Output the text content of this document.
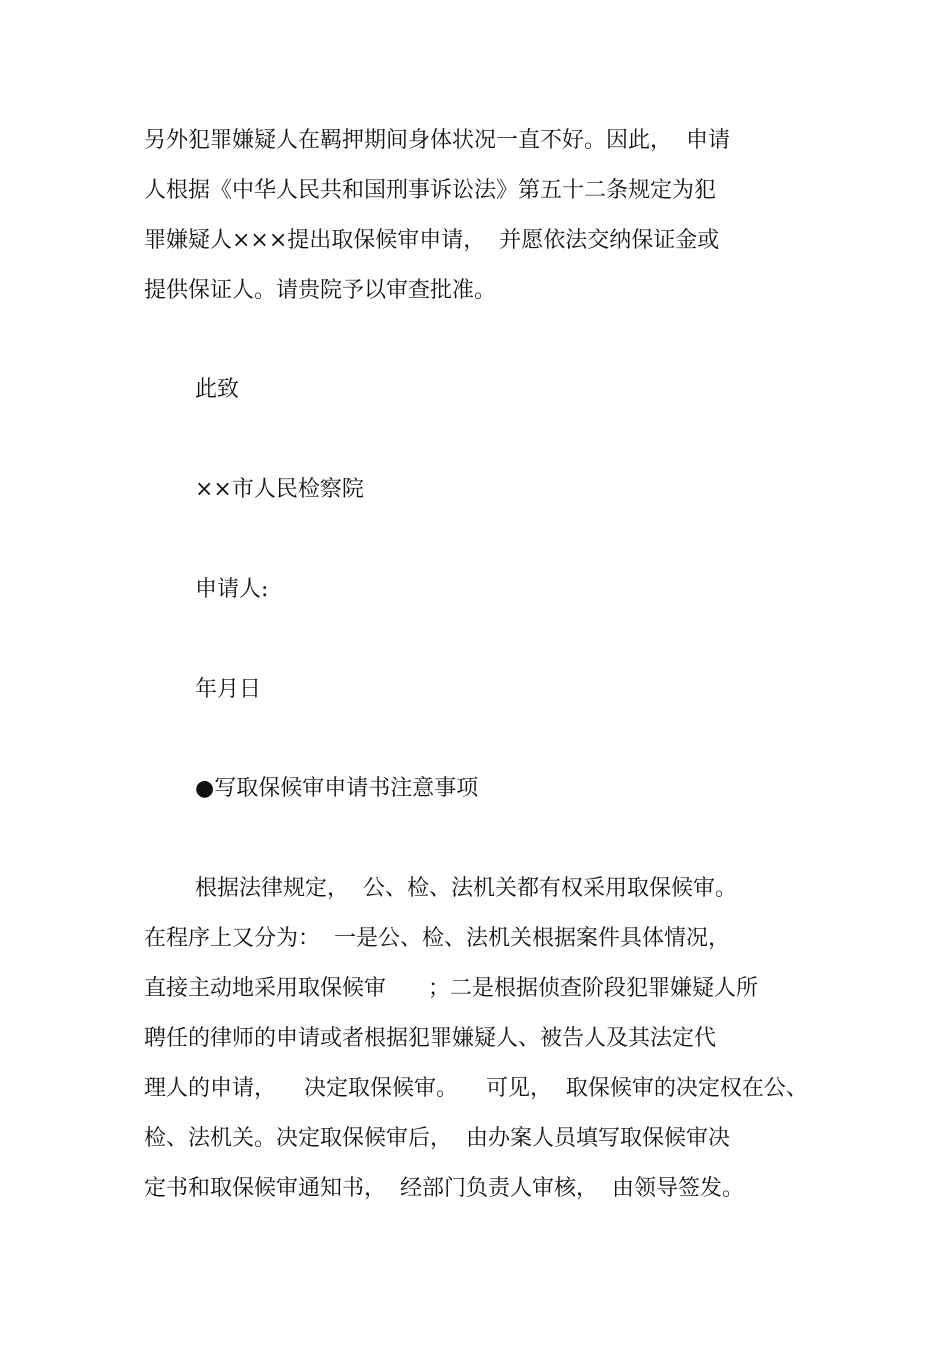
另外犯罪嫌疑人在羁押期间身体状况一直不好。因此，  申请
人根据《中华人民共和国刑事诉讼法》第五十二条规定为犯
罪嫌疑人×××提出取保候审申请，  并愿依法交纳保证金或
提供保证人。请贵院予以审查批准。
此致
××市人民检察院
申请人:
年月日
●写取保候审申请书注意事项
根据法律规定，  公、检、法机关都有权采用取保候审。
在程序上又分为：  一是公、检、法机关根据案件具体情况，
直接主动地采用取保候审      ；二是根据侦查阶段犯罪嫌疑人所
聘任的律师的申请或者根据犯罪嫌疑人、被告人及其法定代
理人的申请，    决定取保候审。    可见，  取保候审的决定权在公、
检、法机关。决定取保候审后，  由办案人员填写取保候审决
定书和取保候审通知书，  经部门负责人审核，  由领导签发。
